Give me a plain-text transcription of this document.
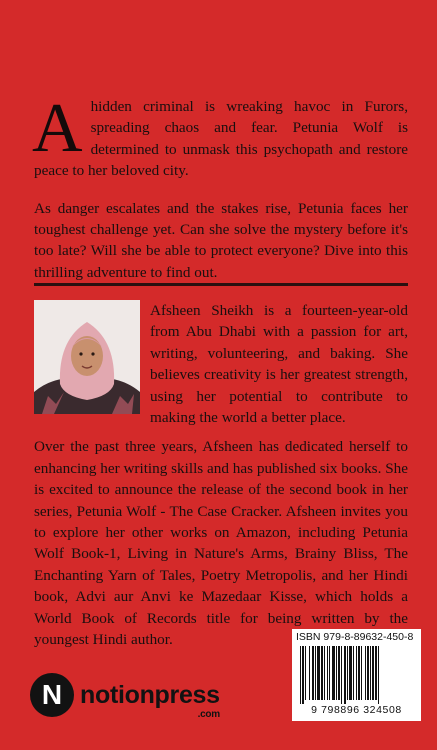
Ahidden criminal is wreaking havoc in Furors, spreading chaos and fear. Petunia Wolf is determined to unmask this psychopath and restore peace to her beloved city.

As danger escalates and the stakes rise, Petunia faces her toughest challenge yet. Can she solve the mystery before it's too late? Will she be able to protect everyone? Dive into this thrilling adventure to find out.

Afsheen Sheikh is a fourteen-year-old from Abu Dhabi with a passion for art, writing, volunteering, and baking. She believes creativity is her greatest strength, using her potential to contribute to making the world a better place.

Over the past three years, Afsheen has dedicated herself to enhancing her writing skills and has published six books. She is excited to announce the release of the second book in her series, Petunia Wolf - The Case Cracker. Afsheen invites you to explore her other works on Amazon, including Petunia Wolf Book-1, Living in Nature's Arms, Brainy Bliss, The Enchanting Yarn of Tales, Poetry Metropolis, and her Hindi book, Advi aur Anvi ke Mazedaar Kisse, which holds a World Book of Records title for being written by the youngest Hindi author.

N notionpress
.com
ISBN 979-8-89632-450-8
9 798896 324508
